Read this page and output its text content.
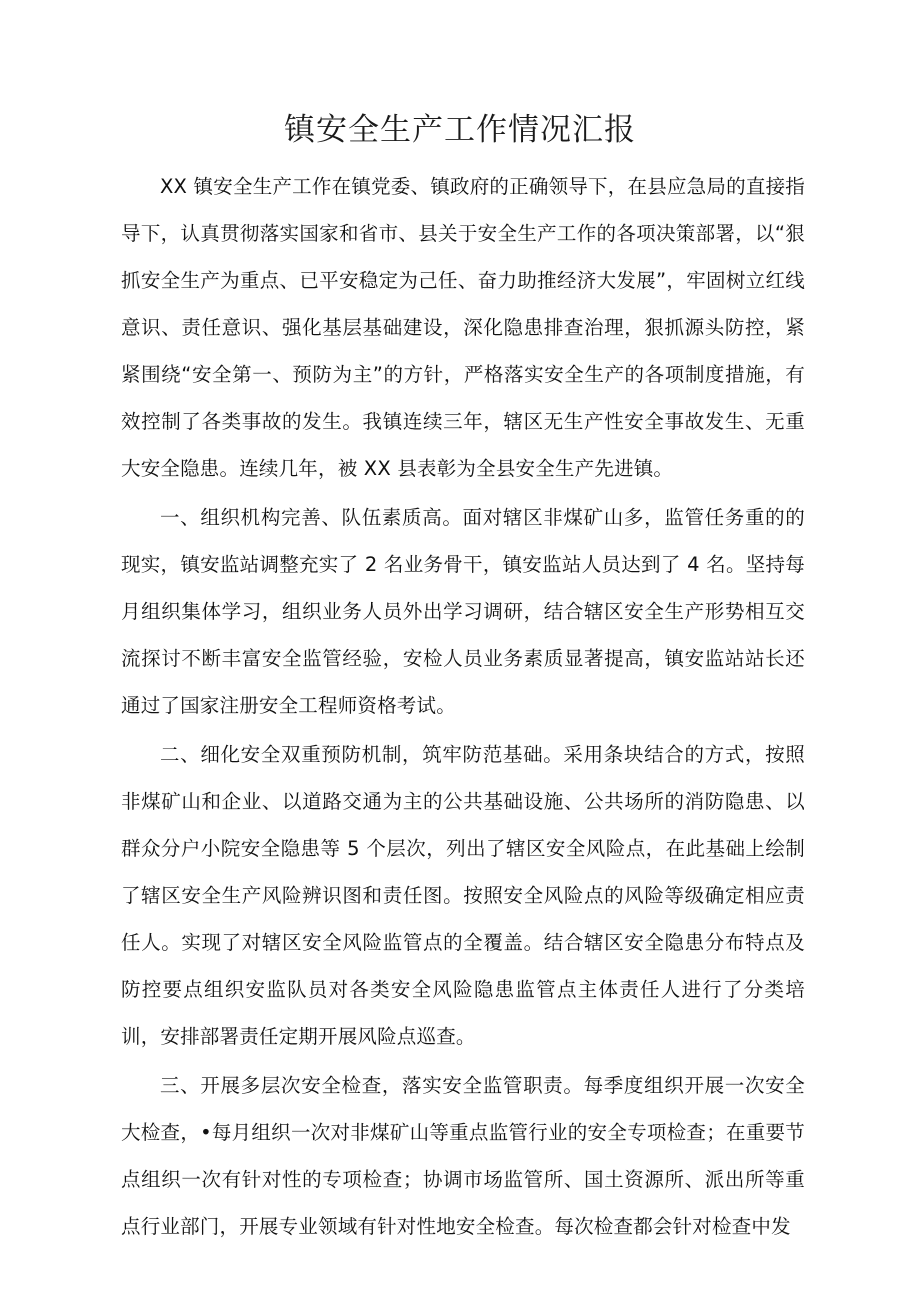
镇安全生产工作情况汇报

XX 镇安全生产工作在镇党委、镇政府的正确领导下，在县应急局的直接指导下，认真贯彻落实国家和省市、县关于安全生产工作的各项决策部署，以“狠抓安全生产为重点、已平安稳定为己任、奋力助推经济大发展”，牢固树立红线意识、责任意识、强化基层基础建设，深化隐患排查治理，狠抓源头防控，紧紧围绕“安全第一、预防为主”的方针，严格落实安全生产的各项制度措施，有效控制了各类事故的发生。我镇连续三年，辖区无生产性安全事故发生、无重大安全隐患。连续几年，被 XX 县表彰为全县安全生产先进镇。

一、组织机构完善、队伍素质高。面对辖区非煤矿山多，监管任务重的的现实，镇安监站调整充实了 2 名业务骨干，镇安监站人员达到了 4 名。坚持每月组织集体学习，组织业务人员外出学习调研，结合辖区安全生产形势相互交流探讨不断丰富安全监管经验，安检人员业务素质显著提高，镇安监站站长还通过了国家注册安全工程师资格考试。

二、细化安全双重预防机制，筑牢防范基础。采用条块结合的方式，按照非煤矿山和企业、以道路交通为主的公共基础设施、公共场所的消防隐患、以群众分户小院安全隐患等 5 个层次，列出了辖区安全风险点，在此基础上绘制了辖区安全生产风险辨识图和责任图。按照安全风险点的风险等级确定相应责任人。实现了对辖区安全风险监管点的全覆盖。结合辖区安全隐患分布特点及防控要点组织安监队员对各类安全风险隐患监管点主体责任人进行了分类培训，安排部署责任定期开展风险点巡查。

三、开展多层次安全检查，落实安全监管职责。每季度组织开展一次安全大检查，•每月组织一次对非煤矿山等重点监管行业的安全专项检查；在重要节点组织一次有针对性的专项检查；协调市场监管所、国土资源所、派出所等重点行业部门，开展专业领域有针对性地安全检查。每次检查都会针对检查中发
